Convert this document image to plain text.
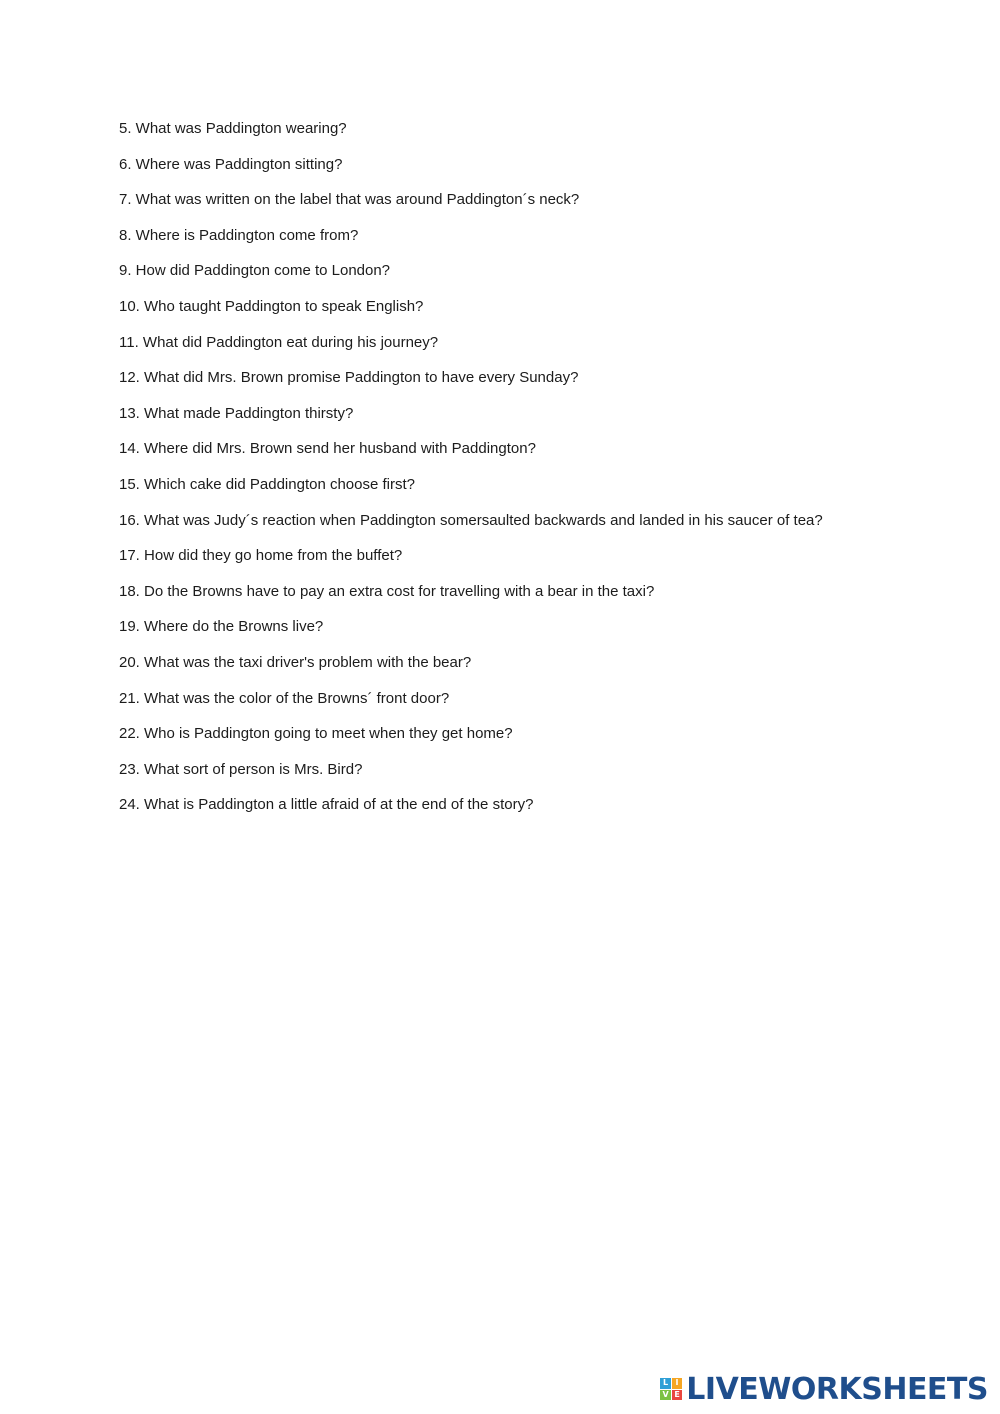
5. What was Paddington wearing?
6. Where was Paddington sitting?
7. What was written on the label that was around Paddington´s neck?
8. Where is Paddington come from?
9. How did Paddington come to London?
10. Who taught Paddington to speak English?
11. What did Paddington eat during his journey?
12. What did Mrs. Brown promise Paddington to have every Sunday?
13. What made Paddington thirsty?
14. Where did Mrs. Brown send her husband with Paddington?
15. Which cake did Paddington choose first?
16. What was Judy´s reaction when Paddington somersaulted backwards and landed in his saucer of tea?
17. How did they go home from the buffet?
18. Do the Browns have to pay an extra cost for travelling with a bear in the taxi?
19. Where do the Browns live?
20. What was the taxi driver's problem with the bear?
21. What was the color of the Browns´ front door?
22. Who is Paddington going to meet when they get home?
23. What sort of person is Mrs. Bird?
24. What is Paddington a little afraid of at the end of the story?
L I
V E LIVEWORKSHEETS
